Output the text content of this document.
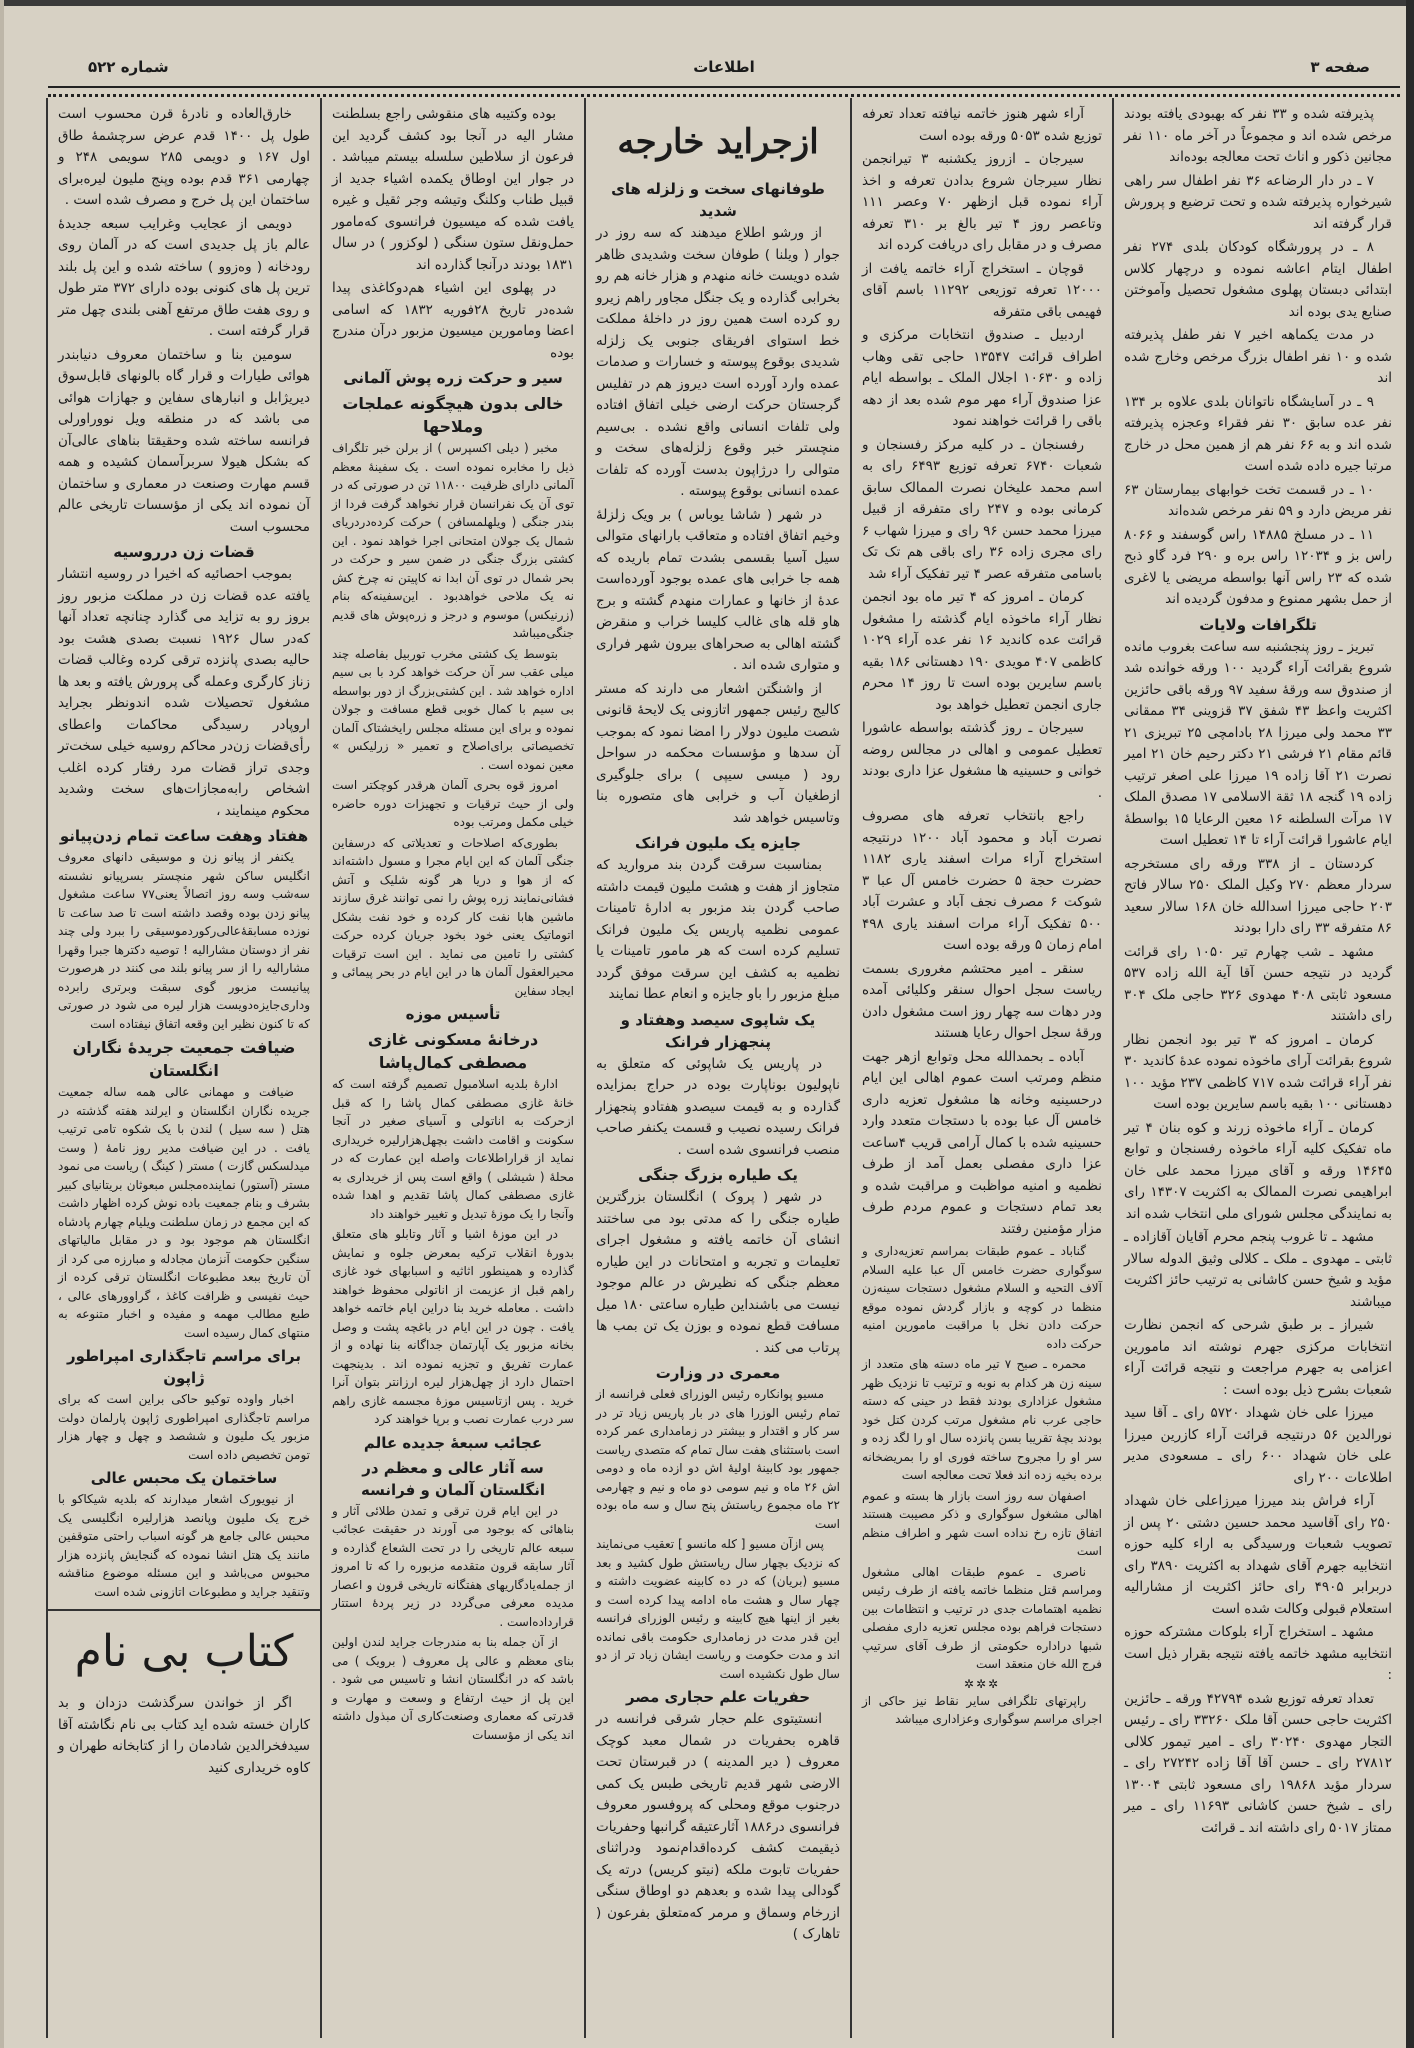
صفحه ۳
اطلاعات
شماره ۵۲۲
پذیرفته شده و ۳۳ نفر که بهبودی یافته بودند مرخص شده اند و مجموعاً در آخر ماه ۱۱۰ نفر مجانین ذکور و اناث تحت معالجه بوده‌اند
۷ ـ در دار الرضاعه ۳۶ نفر اطفال سر راهی شیرخواره پذیرفته شده و تحت ترضیع و پرورش قرار گرفته اند
۸ ـ در پرورشگاه کودکان بلدی ۲۷۴ نفر اطفال ایتام اعاشه نموده و درچهار کلاس ابتدائی دبستان پهلوی مشغول تحصیل وآموختن صنایع یدی بوده اند
در مدت یکماهه اخیر ۷ نفر طفل پذیرفته شده و ۱۰ نفر اطفال بزرگ مرخص وخارج شده اند
۹ ـ در آسایشگاه ناتوانان بلدی علاوه بر ۱۳۴ نفر عده سابق ۳۰ نفر فقراء وعجزه پذیرفته شده اند و به ۶۶ نفر هم از همین محل در خارج مرتبا جیره داده شده است
۱۰ ـ در قسمت تخت خوابهای بیمارستان ۶۳ نفر مریض دارد و ۵۹ نفر مرخص شده‌اند
۱۱ ـ در مسلخ ۱۴۸۸۵ راس گوسفند و ۸۰۶۶ راس بز و ۱۲۰۳۴ راس بره و ۲۹۰ فرد گاو ذبح شده که ۲۳ راس آنها بواسطه مریضی یا لاغری از حمل بشهر ممنوع و مدفون گردیده اند
تلگرافات ولایات
تبریز ـ روز پنجشنبه سه ساعت بغروب مانده شروع بقرائت آراء گردید ۱۰۰ ورقه خوانده شد از صندوق سه ورقهٔ سفید ۹۷ ورقه باقی حائزین اکثریت واعظ ۴۳ شفق ۳۷ قزوینی ۳۴ ممقانی ۳۳ محمد ولی میرزا ۲۸ بادامچی ۲۵ تبریزی ۲۱ قائم مقام ۲۱ فرشی ۲۱ دکتر رحیم خان ۲۱ امیر نصرت ۲۱ آقا زاده ۱۹ میرزا علی اصغر ترتیب زاده ۱۹ گنجه ۱۸ ثقة الاسلامی ۱۷ مصدق الملک ۱۷ مرآت السلطنه ۱۶ معین الرعایا ۱۵ بواسطهٔ ایام عاشورا قرائت آراء تا ۱۴ تعطیل است
کردستان ـ از ۳۳۸ ورقه رای مستخرجه سردار معظم ۲۷۰ وکیل الملک ۲۵۰ سالار فاتح ۲۰۳ حاجی میرزا اسدالله خان ۱۶۸ سالار سعید ۸۶ متفرقه ۳۳ رای دارا بودند
مشهد ـ شب چهارم تیر ۱۰۵۰ رای قرائت گردید در نتیجه حسن آقا آیة الله زاده ۵۳۷ مسعود ثابتی ۴۰۸ مهدوی ۳۲۶ حاجی ملک ۳۰۴ رای داشتند
کرمان ـ امروز که ۳ تیر بود انجمن نظار شروع بقرائت آرای ماخوذه نموده عدهٔ کاندید ۳۰ نفر آراء قرائت شده ۷۱۷ کاظمی ۲۳۷ مؤید ۱۰۰ دهستانی ۱۰۰ بقیه باسم سایرین بوده است
کرمان ـ آراء ماخوذه زرند و کوه بنان ۴ تیر ماه تفکیک کلیه آراء ماخوذه رفسنجان و توابع ۱۴۶۴۵ ورقه و آقای میرزا محمد علی خان ابراهیمی نصرت الممالک به اکثریت ۱۴۳۰۷ رای به نمایندگی مجلس شورای ملی انتخاب شده اند
مشهد ـ تا غروب پنجم محرم آقایان آقازاده ـ ثابتی ـ مهدوی ـ ملک ـ کلالی وثیق الدوله سالار مؤید و شیخ حسن کاشانی به ترتیب حائز اکثریت میباشند
شیراز ـ بر طبق شرحی که انجمن نظارت انتخابات مرکزی جهرم نوشته اند مامورین اعزامی به جهرم مراجعت و نتیجه قرائت آراء شعبات بشرح ذیل بوده است :
میرزا علی خان شهداد ۵۷۲۰ رای ـ آقا سید نورالدین ۵۶ درنتیجه قرائت آراء کازرین میرزا علی خان شهداد ۶۰۰ رای ـ مسعودی مدیر اطلاعات ۲۰۰ رای
آراء فراش بند میرزا میرزاعلی خان شهداد ۲۵۰ رای آقاسید محمد حسین دشتی ۲۰ پس از تصویب شعبات ورسیدگی به اراء کلیه حوزه انتخابیه جهرم آقای شهداد به اکثریت ۳۸۹۰ رای دربرابر ۴۹۰۵ رای حائز اکثریت از مشارالیه استعلام قبولی وکالت شده است
مشهد ـ استخراج آراء بلوکات مشترکه حوزه انتخابیه مشهد خاتمه یافته نتیجه بقرار ذیل است :
تعداد تعرفه توزیع شده ۴۲۷۹۴ ورقه ـ حائزین اکثریت حاجی حسن آقا ملک ۳۳۲۶۰ رای ـ رئیس التجار مهدوی ۳۰۲۴۰ رای ـ امیر تیمور کلالی ۲۷۸۱۲ رای ـ حسن آقا آقا زاده ۲۷۲۴۲ رای ـ سردار مؤید ۱۹۸۶۸ رای مسعود ثابتی ۱۳۰۰۴ رای ـ شیخ حسن کاشانی ۱۱۶۹۳ رای ـ میر ممتاز ۵۰۱۷ رای داشته اند ـ قرائت
آراء شهر هنوز خاتمه نیافته تعداد تعرفه توزیع شده ۵۰۵۳ ورقه بوده است
سیرجان ـ ازروز یکشنبه ۳ تیرانجمن نظار سیرجان شروع بدادن تعرفه و اخذ آراء نموده قبل ازظهر ۷۰ وعصر ۱۱۱ وتاعصر روز ۴ تیر بالغ بر ۳۱۰ تعرفه مصرف و در مقابل رای دریافت کرده اند
قوچان ـ استخراج آراء خاتمه یافت از ۱۲۰۰۰ تعرفه توزیعی ۱۱۲۹۲ باسم آقای فهیمی باقی متفرقه
اردبیل ـ صندوق انتخابات مرکزی و اطراف قرائت ۱۳۵۴۷ حاجی تقی وهاب زاده و ۱۰۶۳۰ اجلال الملک ـ بواسطه ایام عزا صندوق آراء مهر موم شده بعد از دهه باقی را قرائت خواهند نمود
رفسنجان ـ در کلیه مرکز رفسنجان و شعبات ۶۷۴۰ تعرفه توزیع ۶۴۹۳ رای به اسم محمد علیخان نصرت الممالک سابق کرمانی بوده و ۲۴۷ رای متفرقه از قبیل میرزا محمد حسن ۹۶ رای و میرزا شهاب ۶ رای مجری زاده ۳۶ رای باقی هم تک تک باسامی متفرقه عصر ۴ تیر تفکیک آراء شد
کرمان ـ امروز که ۴ تیر ماه بود انجمن نظار آراء ماخوذه ایام گذشته را مشغول قرائت عده کاندید ۱۶ نفر عده آراء ۱۰۲۹ کاظمی ۴۰۷ مویدی ۱۹۰ دهستانی ۱۸۶ بقیه باسم سایرین بوده است تا روز ۱۴ محرم جاری انجمن تعطیل خواهد بود
سیرجان ـ روز گذشته بواسطه عاشورا تعطیل عمومی و اهالی در مجالس روضه خوانی و حسینیه ها مشغول عزا داری بودند .
راجع بانتخاب تعرفه های مصروف نصرت آباد و محمود آباد ۱۲۰۰ درنتیجه استخراج آراء مرات اسفند یاری ۱۱۸۲ حضرت حجة ۵ حضرت خامس آل عبا ۳ شوکت ۶ مصرف نجف آباد و عشرت آباد ۵۰۰ تفکیک آراء مرات اسفند یاری ۴۹۸ امام زمان ۵ ورقه بوده است
سنقر ـ امیر محتشم مغروری بسمت ریاست سجل احوال سنقر وکلیائی آمده ودر دهات سه چهار روز است مشغول دادن ورقهٔ سجل احوال رعایا هستند
آباده ـ بحمدالله محل وتوابع ازهر جهت منظم ومرتب است عموم اهالی این ایام درحسینیه وخانه ها مشغول تعزیه داری خامس آل عبا بوده با دستجات متعدد وارد حسینیه شده با کمال آرامی قریب ۴ساعت عزا داری مفصلی بعمل آمد از طرف نظمیه و امنیه مواظبت و مراقبت شده و بعد تمام دستجات و عموم مردم طرف مزار مؤمنین رفتند
گناباد ـ عموم طبقات بمراسم تعزیه‌داری و سوگواری حضرت خامس آل عبا علیه السلام آلاف التحیه و السلام مشغول دستجات سینه‌زن منظما در کوچه و بازار گردش نموده موقع حرکت دادن نخل با مراقبت مامورین امنیه حرکت داده
محمره ـ صبح ۷ تیر ماه دسته های متعدد از سینه زن هر کدام به نوبه و ترتیب تا نزدیک ظهر مشغول عزاداری بودند فقط در حینی که دسته حاجی عرب نام مشغول مرتب کردن کتل خود بودند بچهٔ تقریبا بسن پانزده سال او را لگد زده و سر او را مجروح ساخته فوری او را بمریضخانه برده بخیه زده اند فعلا تحت معالجه است
اصفهان سه روز است بازار ها بسته و عموم اهالی مشغول سوگواری و ذکر مصیبت هستند اتفاق تازه رخ نداده است شهر و اطراف منظم است
ناصری ـ عموم طبقات اهالی مشغول ومراسم قتل منظما خاتمه یافته از طرف رئیس نظمیه اهتمامات جدی در ترتیب و انتظامات بین دستجات فراهم بوده مجلس تعزیه داری مفصلی شبها دراداره حکومتی از طرف آقای سرتیپ فرج الله خان منعقد است
✲✲✲
راپرتهای تلگرافی سایر نقاط نیز حاکی از اجرای مراسم سوگواری وعزاداری میباشد
ازجراید خارجه
طوفانهای سخت و زلزله های شدید
از ورشو اطلاع میدهند که سه روز در جوار ( ویلنا ) طوفان سخت وشدیدی ظاهر شده دویست خانه منهدم و هزار خانه هم رو بخرابی گذارده و یک جنگل مجاور راهم زیرو رو کرده است همین روز در داخلهٔ مملکت خط استوای افریقای جنوبی یک زلزله شدیدی بوقوع پیوسته و خسارات و صدمات عمده وارد آورده است دیروز هم در تفلیس گرجستان حرکت ارضی خیلی اتفاق افتاده ولی تلفات انسانی واقع نشده . بی‌سیم منچستر خبر وقوع زلزله‌های سخت و متوالی را درژاپون بدست آورده که تلفات عمده انسانی بوقوع پیوسته .
در شهر ( شاشا یوباس ) بر ویک زلزلهٔ وخیم اتفاق افتاده و متعاقب بارانهای متوالی سیل آسیا بقسمی بشدت تمام باریده که همه جا خرابی های عمده بوجود آورده‌است عدهٔ از خانها و عمارات منهدم گشته و برج هاو قله های غالب کلیسا خراب و منقرض گشته اهالی به صحراهای بیرون شهر فراری و متواری شده اند .
از واشنگتن اشعار می دارند که مستر کالیج رئیس جمهور اتازونی یک لایحهٔ قانونی شصت ملیون دولار را امضا نمود که بموجب آن سدها و مؤسسات محکمه در سواحل رود ( میسی سیپی ) برای جلوگیری ازطغیان آب و خرابی های متصوره بنا وتاسیس خواهد شد
جایزه یک ملیون فرانک
بمناسبت سرقت گردن بند مروارید که متجاوز از هفت و هشت ملیون قیمت داشته صاحب گردن بند مزبور به ادارهٔ تامینات عمومی نظمیه پاریس یک ملیون فرانک تسلیم کرده است که هر مامور تامینات یا نظمیه به کشف این سرقت موفق گردد مبلغ مزبور را باو جایزه و انعام عطا نمایند
یک شاپوی سیصد وهفتاد و پنجهزار فرانک
در پاریس یک شاپوئی که متعلق به ناپولیون بوناپارت بوده در حراج بمزایده گذارده و به قیمت سیصدو هفتادو پنجهزار فرانک رسیده نصیب و قسمت یکنفر صاحب منصب فرانسوی شده است .
یک طیاره بزرگ جنگی
در شهر ( پروک ) انگلستان بزرگترین طیاره جنگی را که مدتی بود می ساختند انشای آن خاتمه یافته و مشغول اجرای تعلیمات و تجربه و امتحانات در این طیاره معظم جنگی که نظیرش در عالم موجود نیست می باشنداین طیاره ساعتی ۱۸۰ میل مسافت قطع نموده و بوزن یک تن بمب ها پرتاب می کند .
معمری در وزارت
مسیو پوانکاره رئیس الوزرای فعلی فرانسه از تمام رئیس الوزرا های در بار پاریس زیاد تر در سر کار و اقتدار و بیشتر در زمامداری عمر کرده است باستثنای هفت سال تمام که متصدی ریاست جمهور بود کابینهٔ اولیهٔ اش دو ازده ماه و دومی اش ۲۶ ماه و نیم سومی دو ماه و نیم و چهارمی ۲۲ ماه مجموع ریاستش پنج سال و سه ماه بوده است
پس ازآن مسیو [ کله مانسو ] تعقیب می‌نمایند که نزدیک بچهار سال ریاستش طول کشید و بعد مسیو (بریان) که در ده کابینه عضویت داشته و چهار سال و هشت ماه ادامه پیدا کرده است و بغیر از اینها هیچ کابینه و رئیس الوزرای فرانسه این قدر مدت در زمامداری حکومت باقی نمانده اند و مدت حکومت و ریاست ایشان زیاد تر از دو سال طول نکشیده است
حفریات علم حجاری مصر
انستیتوی علم حجار شرقی فرانسه در قاهره بحفریات در شمال معبد کوچک معروف ( دیر المدینه ) در قبرستان تحت الارضی شهر قدیم تاریخی طبس یک کمی درجنوب موقع ومحلی که پروفسور معروف فرانسوی در۱۸۸۶ آثارعتیقه گرانبها وحفریات ذیقیمت کشف کرده‌اقدام‌نمود ودراثنای حفریات تابوت ملکه (نیتو کریس) درته یک گودالی پیدا شده و بعدهم دو اوطاق سنگی ازرخام وسماق و مرمر که‌متعلق بفرعون ( تاهارک )
بوده وکتیبه های منقوشی راجع بسلطنت مشار الیه در آنجا بود کشف گردید این فرعون از سلاطین سلسله بیستم میباشد . در جوار این اوطاق یکمده اشیاء جدید از قبیل طناب وکلنگ وتیشه وجر ثقیل و غیره یافت شده که میسیون فرانسوی که‌مامور حمل‌ونقل ستون سنگی ( لوکزور ) در سال ۱۸۳۱ بودند درآنجا گذارده اند
در پهلوی این اشیاء هم‌دوکاغذی پیدا شده‌در تاریخ ۲۸فوریه ۱۸۳۲ که اسامی اعضا ومامورین میسیون مزبور درآن مندرج بوده
سیر و حرکت زره پوش آلمانی
خالی بدون هیچگونه عملجات وملاحها
مخبر ( دیلی اکسپرس ) از برلن خبر تلگراف ذیل را مخابره نموده است . یک سفینهٔ معظم آلمانی دارای ظرفیت ۱۱۸۰۰ تن در صورتی که در توی آن یک نفرانسان قرار نخواهد گرفت فردا از بندر جنگی ( ویلهلمسافن ) حرکت کرده‌دردریای شمال یک جولان امتحانی اجرا خواهد نمود . این کشتی بزرگ جنگی در ضمن سیر و حرکت در بحر شمال در توی آن ابدا نه کاپیتن نه چرخ کش نه یک ملاحی خواهدبود . این‌سفینه‌که بنام (زرنیکس) موسوم و درجز و زره‌پوش های قدیم جنگی‌میباشد
بتوسط یک کشتی مخرب توربیل بفاصله چند میلی عقب سر آن حرکت خواهد کرد با بی سیم اداره خواهد شد . این کشتی‌بزرگ از دور بواسطه بی سیم با کمال خوبی قطع مسافت و جولان نموده و برای این مسئله مجلس رایخشتاک آلمان تخصیصاتی برای‌اصلاح و تعمیر « زرلیکس » معین نموده است .
امروز قوه بحری آلمان هرقدر کوچکتر است ولی از حیث ترقیات و تجهیزات دوره حاضره خیلی مکمل ومرتب بوده
بطوری‌که اصلاحات و تعدیلاتی که درسفاین جنگی آلمان که این ایام مجرا و مسول داشته‌اند که از هوا و دریا هر گونه شلیک و آتش فشانی‌نمایند زره پوش را نمی توانند غرق سازند ماشین هابا نفت کار کرده و خود نفت بشکل اتوماتیک یعنی خود بخود جریان کرده حرکت کشتی را تامین می نماید . این است ترقیات محیرالعقول آلمان ها در این ایام در بحر پیمائی و ایجاد سفاین
تأسیس موزه
درخانهٔ مسکونی غازی مصطفی کمال‌پاشا
ادارهٔ بلدیه اسلامبول تصمیم گرفته است که خانهٔ غازی مصطفی کمال پاشا را که قبل ازحرکت به اناتولی و آسیای صغیر در آنجا سکونت و اقامت داشت بچهل‌هزارلیره خریداری نماید از قراراطلاعات واصله این عمارت که در محلهٔ ( شیشلی ) واقع است پس از خریداری به غازی مصطفی کمال پاشا تقدیم و اهدا شده وآنجا را یک موزهٔ تبدیل و تغییر خواهند داد
در این موزهٔ اشیا و آثار وتابلو های متعلق بدورهٔ انقلاب ترکیه بمعرض جلوه و نمایش گذارده و همینطور اثاثیه و اسبابهای خود غازی راهم قبل از عزیمت از اناتولی محفوظ خواهند داشت . معامله خرید بنا دراین ایام خاتمه خواهد یافت . چون در این ایام در باغچه پشت و وصل بخانه مزبور یک آپارتمان جداگانه بنا نهاده و از عمارت تفریق و تجزیه نموده اند . بدینجهت احتمال دارد از چهل‌هزار لیره ارزانتر بتوان آنرا خرید . پس ازتاسیس موزهٔ مجسمه غازی راهم سر درب عمارت نصب و برپا خواهند کرد
عجائب سبعهٔ جدیده عالم
سه آثار عالی و معظم در انگلستان آلمان و فرانسه
در این ایام قرن ترقی و تمدن طلائی آثار و بناهائی که بوجود می آورند در حقیقت عجائب سبعه عالم تاریخی را در تحت الشعاع گذارده و آثار سابقه قرون متقدمه مزبوره را که تا امروز از جمله‌یادگاریهای هفتگانه تاریخی قرون و اعصار مدیده معرفی می‌گردد در زیر پردهٔ استتار قرارداده‌است .
از آن جمله بنا به مندرجات جراید لندن اولین بنای معظم و عالی پل معروف ( برویک ) می باشد که در انگلستان انشا و تاسیس می شود . این پل از حیث ارتفاع و وسعت و مهارت و قدرتی که معماری وصنعت‌کاری آن مبذول داشته اند یکی از مؤسسات
خارق‌العاده و نادرهٔ قرن محسوب است طول پل ۱۴۰۰ قدم عرض سرچشمهٔ طاق اول ۱۶۷ و دویمی ۲۸۵ سویمی ۲۴۸ و چهارمی ۳۶۱ قدم بوده وپنج ملیون لیره‌برای ساختمان این پل خرج و مصرف شده است .
دویمی از عجایب وغرایب سبعه جدیدهٔ عالم باز پل جدیدی است که در آلمان روی رودخانه ( وه‌زوو ) ساخته شده و این پل بلند ترین پل های کنونی بوده دارای ۳۷۲ متر طول و روی هفت طاق مرتفع آهنی بلندی چهل متر قرار گرفته است .
سومین بنا و ساختمان معروف دنیابندر هوائی طیارات و قرار گاه بالونهای قابل‌سوق دیریژابل و انبارهای سفاین و جهازات هوائی می باشد که در منطقه ویل نووراورلی فرانسه ساخته شده وحقیقتا بناهای عالی‌آن که بشکل هیولا سربرآسمان کشیده و همه قسم مهارت وصنعت در معماری و ساختمان آن نموده اند یکی از مؤسسات تاریخی عالم محسوب است
قضات زن درروسیه
بموجب احصائیه که اخیرا در روسیه انتشار یافته عده قضات زن در مملکت مزبور روز بروز رو به تزاید می گذارد چنانچه تعداد آنها که‌در سال ۱۹۲۶ نسبت بصدی هشت بود حالیه بصدی پانزده ترقی کرده وغالب قضات زناز کارگری وعمله گی پرورش یافته و بعد ها مشغول تحصیلات شده اندونظر بجراید اروپادر رسیدگی محاکمات واعطای رأی‌قضات زن‌در محاکم روسیه خیلی سخت‌تر وجدی تراز قضات مرد رفتار کرده اغلب اشخاص رابه‌مجازات‌های سخت وشدید محکوم مینمایند ،
هفتاد وهفت ساعت تمام زدن‌پیانو
یکنفر از پیانو زن و موسیقی دانهای معروف انگلیس ساکن شهر منچستر بسرپیانو نشسته سه‌شب وسه روز اتصالاً یعنی۷۷ ساعت مشغول پیانو زدن بوده وقصد داشته است تا صد ساعت تا نوزده مسابقهٔ‌عالی‌رکوردموسیقی را ببرد ولی چند نفر از دوستان مشارالیه ! توصیه دکترها جبرا وقهرا مشارالیه را از سر پیانو بلند می کنند در هرصورت پیانیست مزبور گوی سبقت وبرتری رابرده وداری‌جایزه‌دویست هزار لیره می شود در صورتی که تا کنون نظیر این وقعه اتفاق نیفتاده است
ضیافت جمعیت جریدهٔ نگاران انگلستان
ضیافت و مهمانی عالی همه ساله جمعیت جریده نگاران انگلستان و ایرلند هفته گذشته در هتل ( سه سیل ) لندن با یک شکوه تامی ترتیب یافت . در این ضیافت مدیر روز نامهٔ ( وست میدلسکس گازت ) مستر ( کینگ ) ریاست می نمود مستر (آستور) نماینده‌مجلس مبعوثان بریتانیای کبیر بشرف و بنام جمعیت باده نوش کرده اظهار داشت که این مجمع در زمان سلطنت ویلیام چهارم پادشاه انگلستان هم موجود بود و در مقابل مالیاتهای سنگین حکومت آنزمان مجادله و مبارزه می کرد از آن تاریخ ببعد مطبوعات انگلستان ترقی کرده از حیث نفیسی و ظرافت کاغذ ، گراوورهای عالی ، طبع مطالب مهمه و مفیده و اخبار متنوعه به منتهای کمال رسیده است
برای مراسم تاجگذاری امپراطور ژاپون
اخبار واوده توکیو حاکی براین است که برای مراسم تاجگذاری امپراطوری ژاپون پارلمان دولت مزبور یک ملیون و ششصد و چهل و چهار هزار تومن تخصیص داده است
ساختمان یک محبس عالی
از نیویورک اشعار میدارند که بلدیه شیکاکو با خرج یک ملیون وپانصد هزارلیره انگلیسی یک محبس عالی جامع هر گونه اسباب راحتی متوقفین مانند یک هتل انشا نموده که گنجایش پانزده هزار محبوس می‌باشد و این مسئله موضوع مناقشه وتنقید جراید و مطبوعات اتازونی شده است
کتاب بی نام
اگر از خواندن سرگذشت دزدان و بد کاران خسته شده اید کتاب بی نام نگاشته آقا سیدفخرالدین شادمان را از کتابخانه طهران و کاوه خریداری کنید
